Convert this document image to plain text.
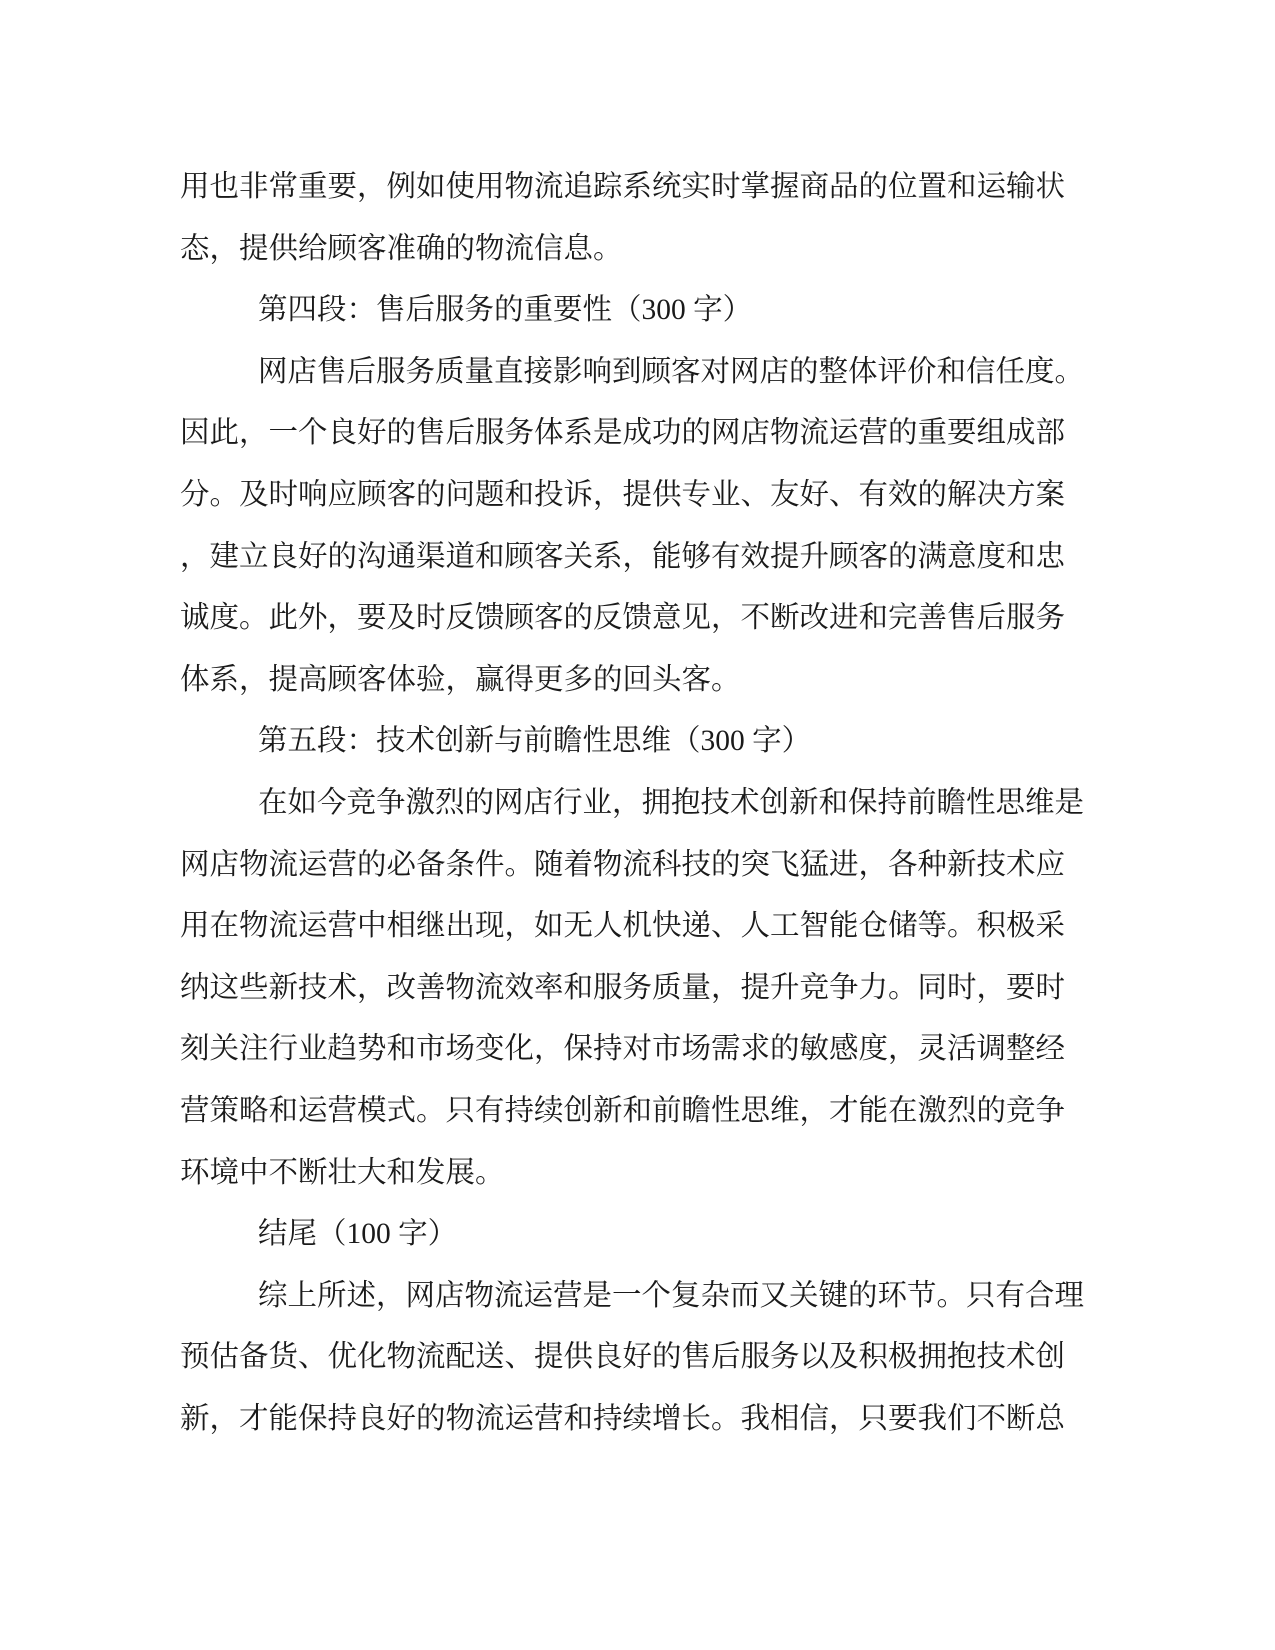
用也非常重要，例如使用物流追踪系统实时掌握商品的位置和运输状
态，提供给顾客准确的物流信息。
第四段：售后服务的重要性（300 字）
网店售后服务质量直接影响到顾客对网店的整体评价和信任度。
因此，一个良好的售后服务体系是成功的网店物流运营的重要组成部
分。及时响应顾客的问题和投诉，提供专业、友好、有效的解决方案
，建立良好的沟通渠道和顾客关系，能够有效提升顾客的满意度和忠
诚度。此外，要及时反馈顾客的反馈意见，不断改进和完善售后服务
体系，提高顾客体验，赢得更多的回头客。
第五段：技术创新与前瞻性思维（300 字）
在如今竞争激烈的网店行业，拥抱技术创新和保持前瞻性思维是
网店物流运营的必备条件。随着物流科技的突飞猛进，各种新技术应
用在物流运营中相继出现，如无人机快递、人工智能仓储等。积极采
纳这些新技术，改善物流效率和服务质量，提升竞争力。同时，要时
刻关注行业趋势和市场变化，保持对市场需求的敏感度，灵活调整经
营策略和运营模式。只有持续创新和前瞻性思维，才能在激烈的竞争
环境中不断壮大和发展。
结尾（100 字）
综上所述，网店物流运营是一个复杂而又关键的环节。只有合理
预估备货、优化物流配送、提供良好的售后服务以及积极拥抱技术创
新，才能保持良好的物流运营和持续增长。我相信，只要我们不断总
